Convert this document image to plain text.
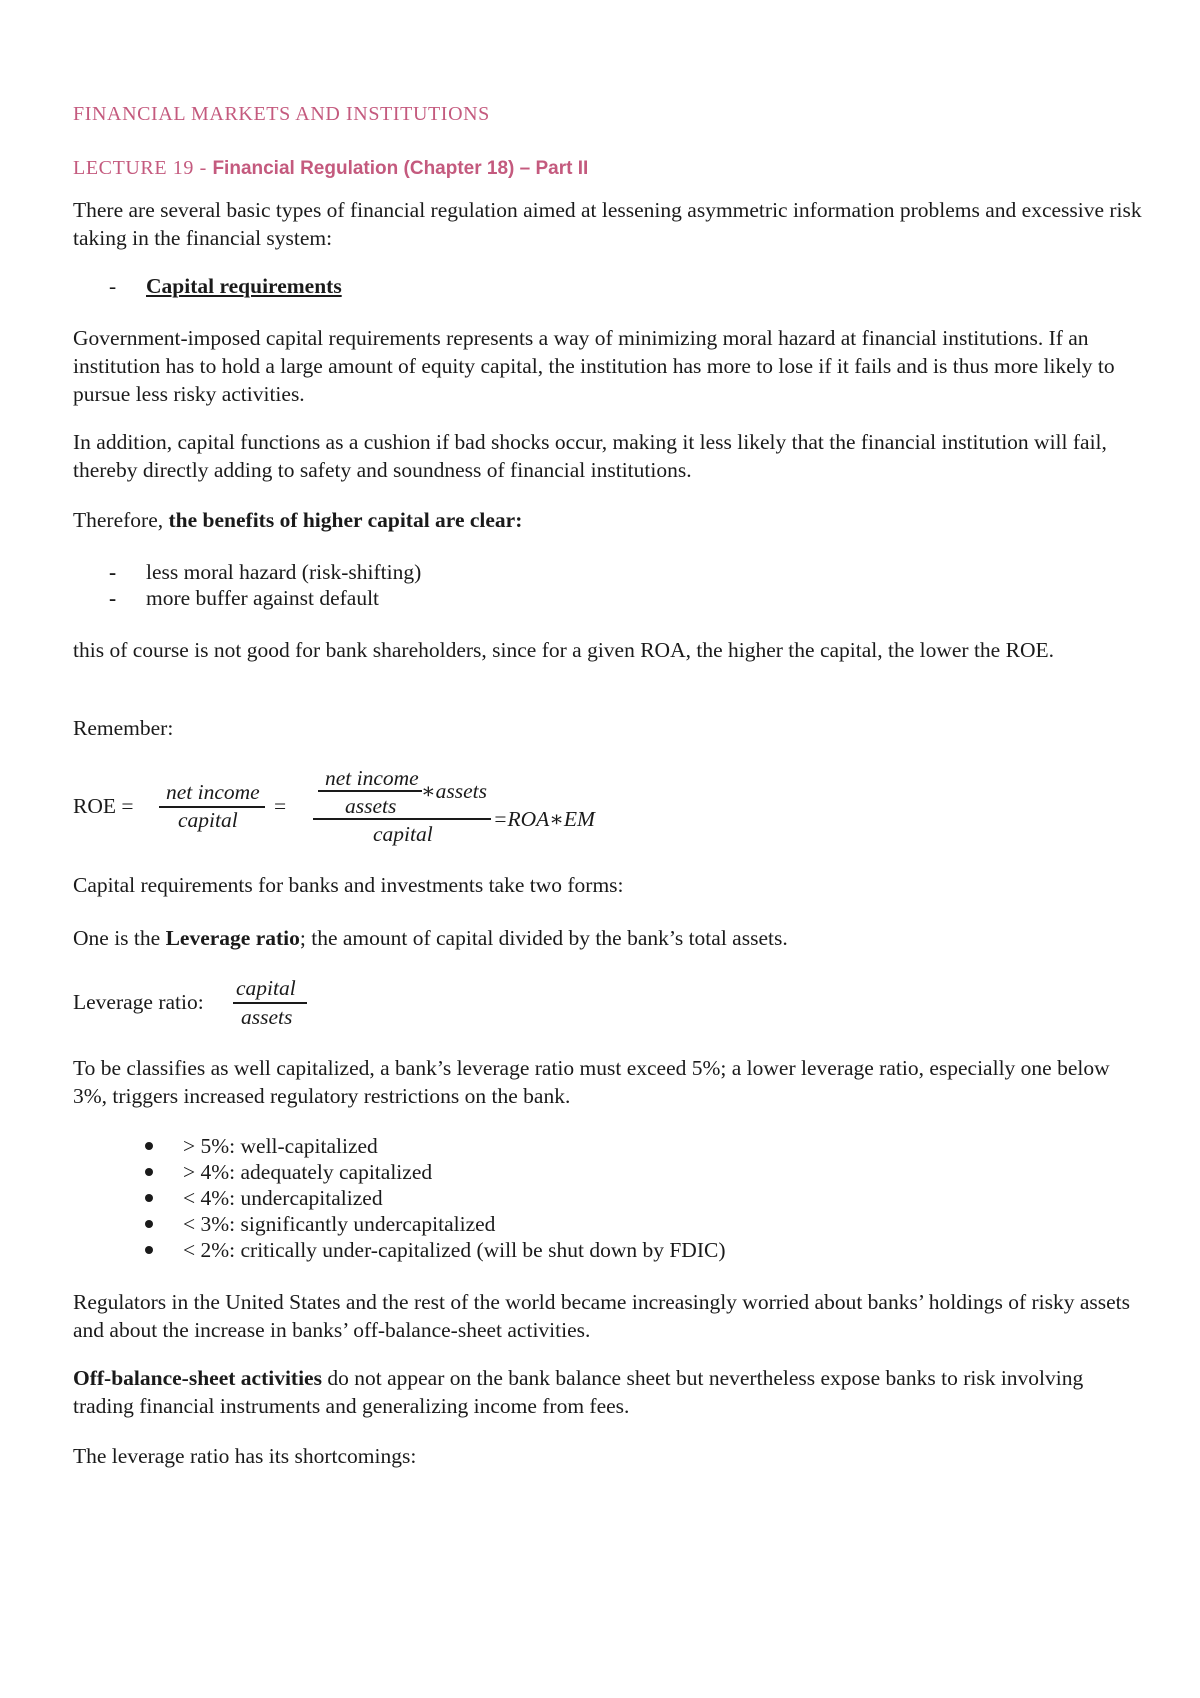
FINANCIAL MARKETS AND INSTITUTIONS
LECTURE 19 - Financial Regulation (Chapter 18) – Part II
There are several basic types of financial regulation aimed at lessening asymmetric information problems and excessive risk taking in the financial system:
- Capital requirements
Government-imposed capital requirements represents a way of minimizing moral hazard at financial institutions. If an institution has to hold a large amount of equity capital, the institution has more to lose if it fails and is thus more likely to pursue less risky activities.
In addition, capital functions as a cushion if bad shocks occur, making it less likely that the financial institution will fail, thereby directly adding to safety and soundness of financial institutions.
Therefore, the benefits of higher capital are clear:
- less moral hazard (risk-shifting)
- more buffer against default
this of course is not good for bank shareholders, since for a given ROA, the higher the capital, the lower the ROE.
Remember:
ROE =
net income
capital
=
net income
∗assets
assets
capital
=ROA∗EM
Capital requirements for banks and investments take two forms:
One is the Leverage ratio; the amount of capital divided by the bank’s total assets.
Leverage ratio:
capital
assets
To be classifies as well capitalized, a bank’s leverage ratio must exceed 5%; a lower leverage ratio, especially one below 3%, triggers increased regulatory restrictions on the bank.
> 5%: well-capitalized
> 4%: adequately capitalized
< 4%: undercapitalized
< 3%: significantly undercapitalized
< 2%: critically under-capitalized (will be shut down by FDIC)
Regulators in the United States and the rest of the world became increasingly worried about banks’ holdings of risky assets and about the increase in banks’ off-balance-sheet activities.
Off-balance-sheet activities do not appear on the bank balance sheet but nevertheless expose banks to risk involving trading financial instruments and generalizing income from fees.
The leverage ratio has its shortcomings:
